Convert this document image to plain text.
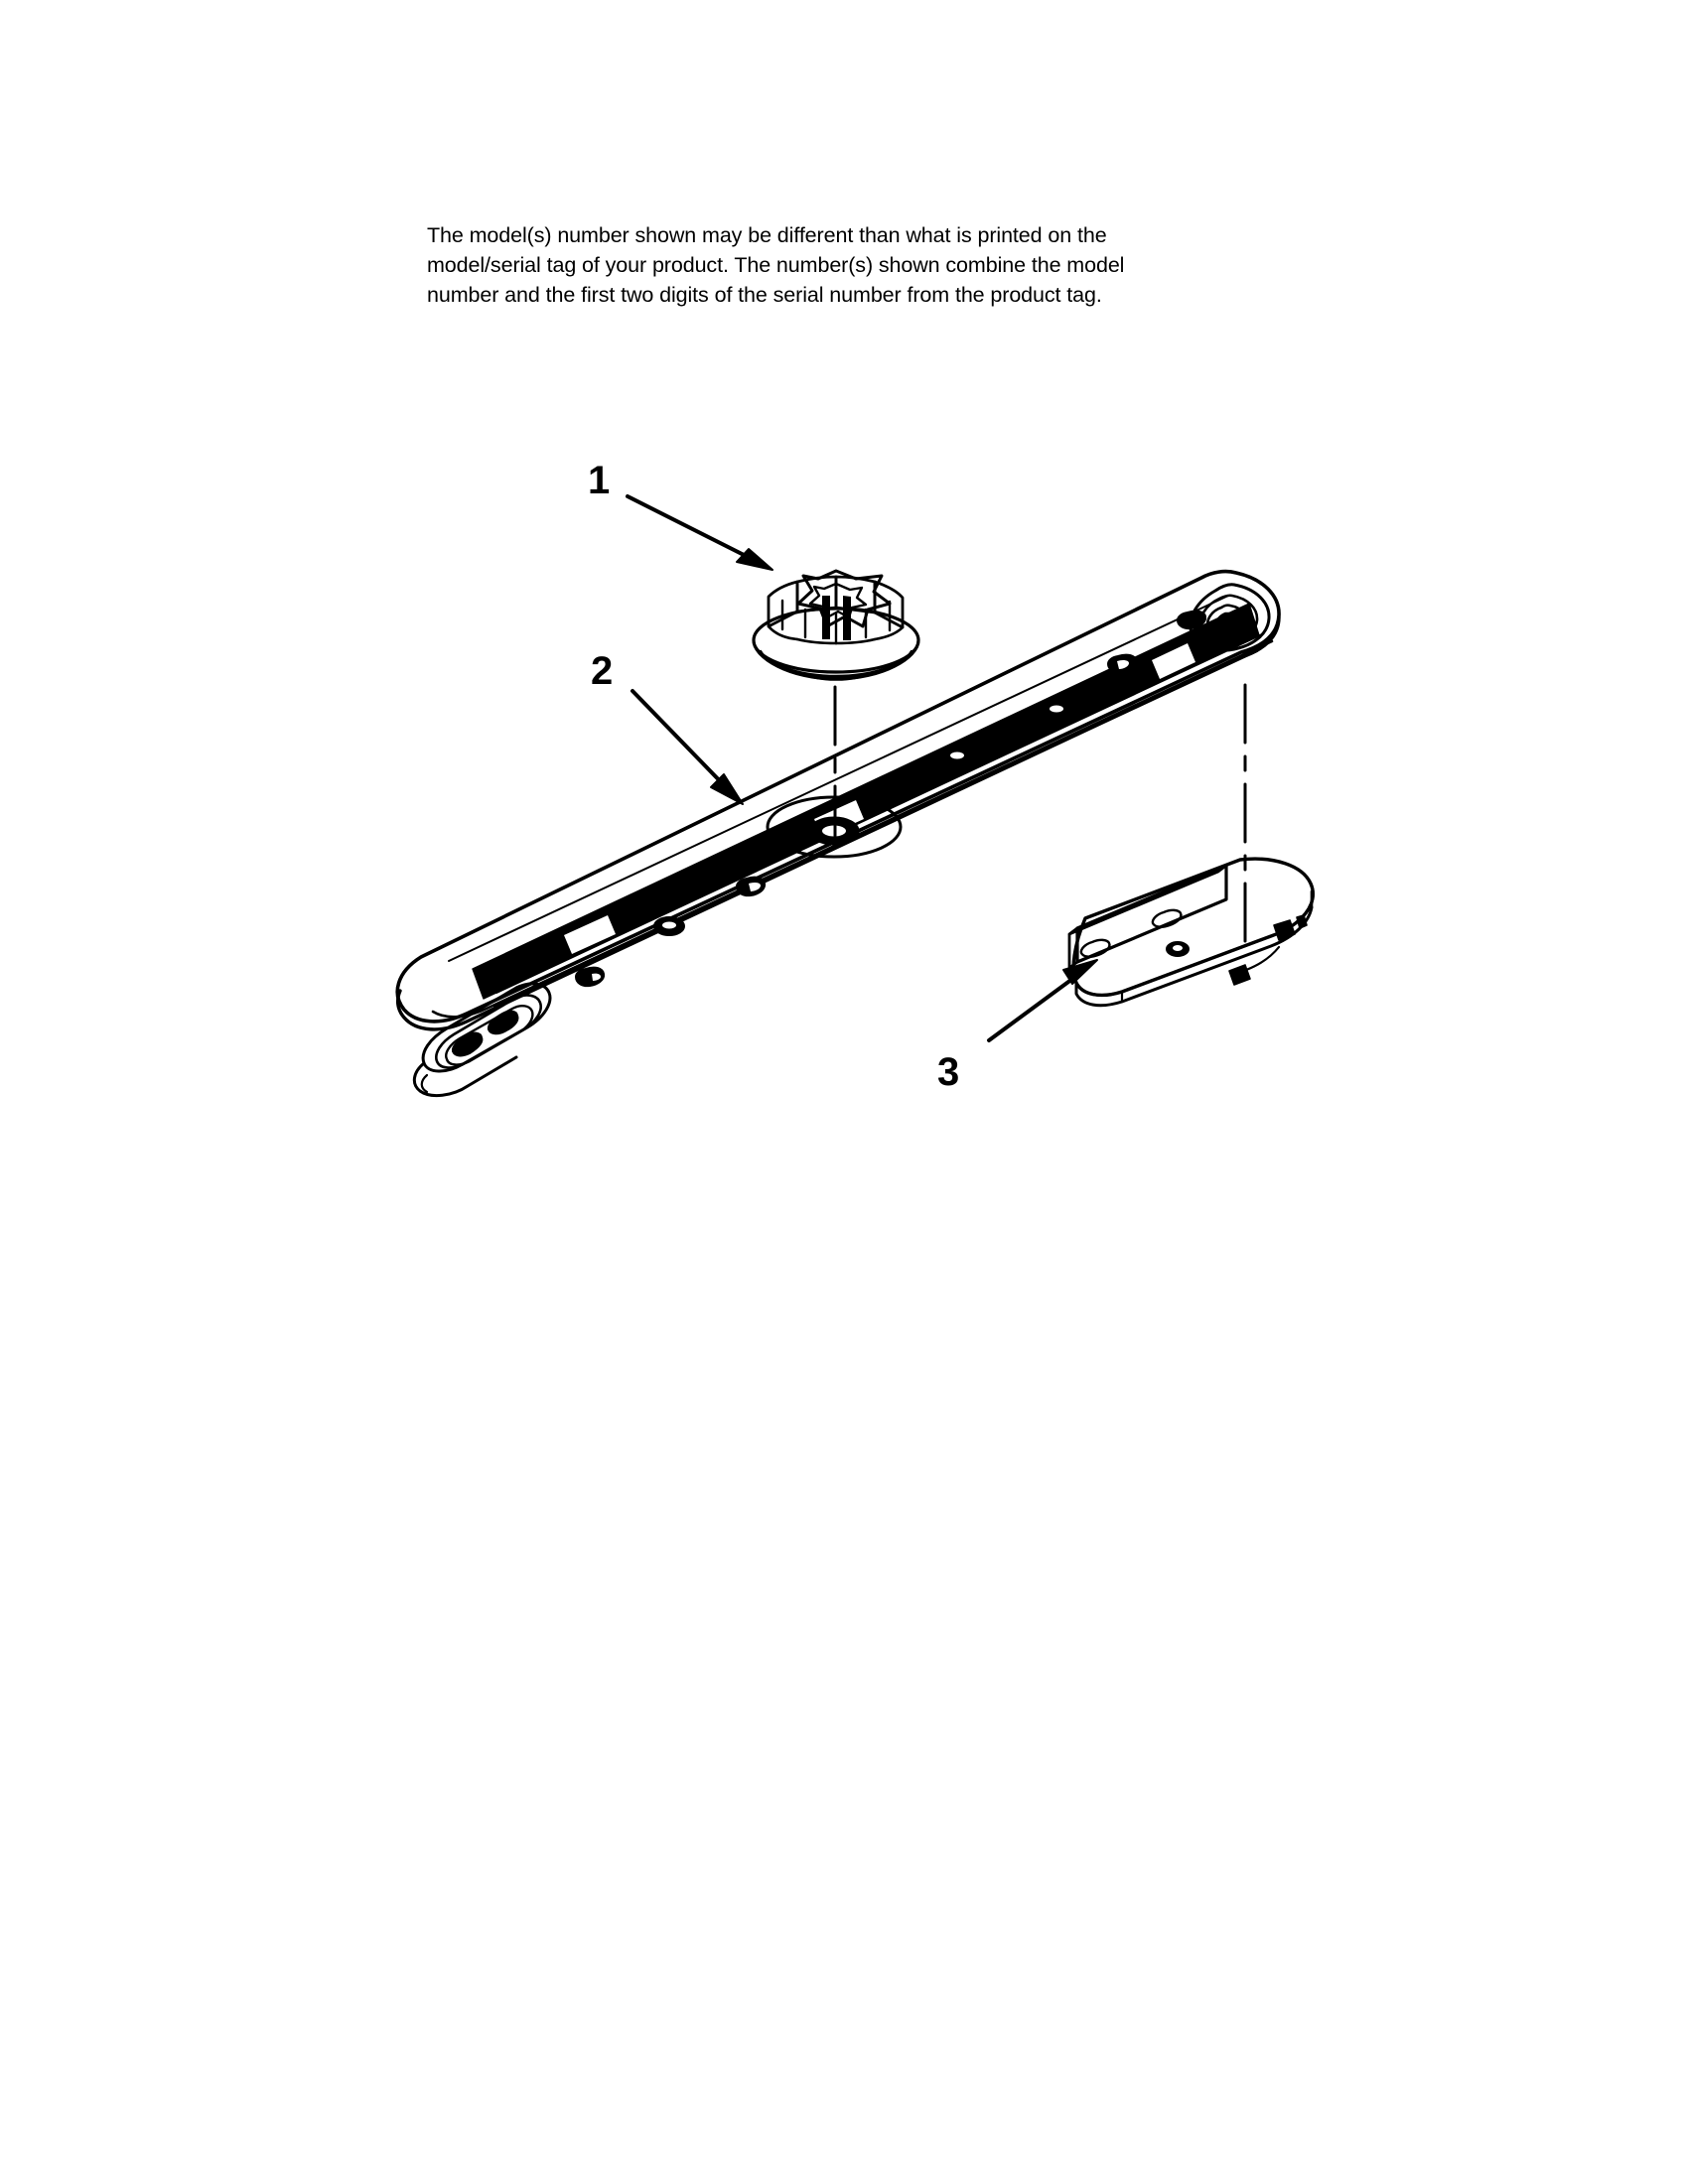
The model(s) number shown may be different than what is printed on the
model/serial tag of your product. The number(s) shown combine the model
number and the first two digits of the serial number from the product tag.
1
2
3
